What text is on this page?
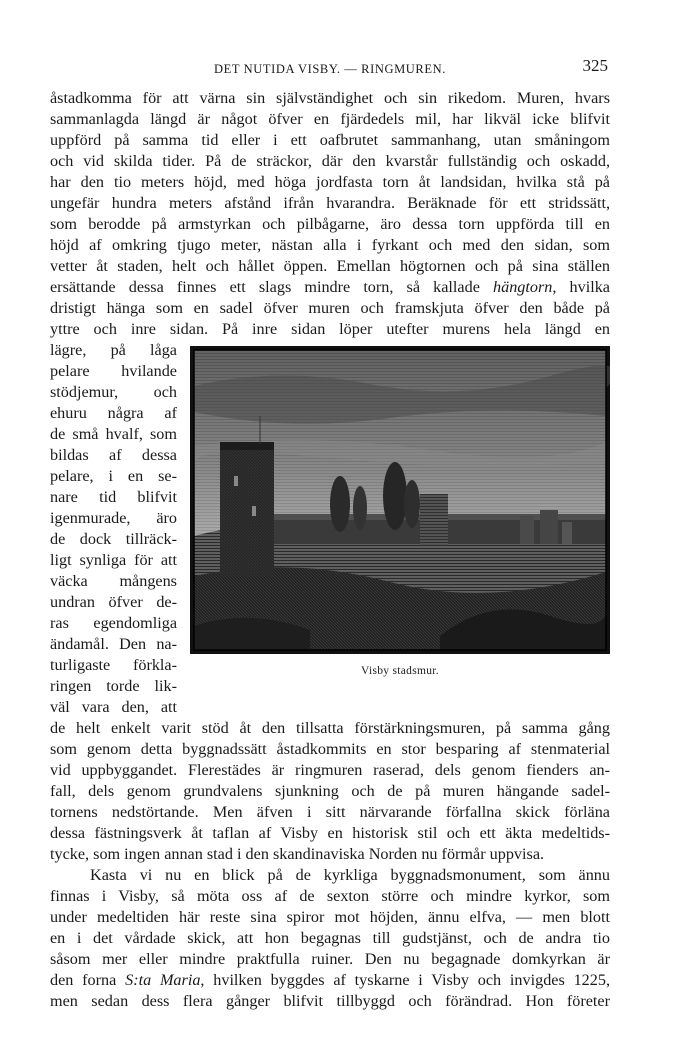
DET NUTIDA VISBY. — RINGMUREN.	325
åstadkomma för att värna sin självständighet och sin rikedom. Muren, hvars
sammanlagda längd är något öfver en fjärdedels mil, har likväl icke blifvit
uppförd på samma tid eller i ett oafbrutet sammanhang, utan småningom
och vid skilda tider. På de sträckor, där den kvarstår fullständig och oskadd,
har den tio meters höjd, med höga jordfasta torn åt landsidan, hvilka stå på
ungefär hundra meters afstånd ifrån hvarandra. Beräknade för ett stridssätt,
som berodde på armstyrkan och pilbågarne, äro dessa torn uppförda till en
höjd af omkring tjugo meter, nästan alla i fyrkant och med den sidan, som
vetter åt staden, helt och hållet öppen. Emellan högtornen och på sina ställen
ersättande dessa finnes ett slags mindre torn, så kallade hängtorn, hvilka
dristigt hänga som en sadel öfver muren och framskjuta öfver den både på
yttre och inre sidan. På inre sidan löper utefter murens hela längd en
lägre, på låga
pelare hvilande
stödjemur, och
ehuru några af
de små hvalf, som
bildas af dessa
pelare, i en se-
nare tid blifvit
igenmurade, äro
de dock tillräck-
ligt synliga för att
väcka mångens
undran öfver de-
ras egendomliga
ändamål. Den na-
turligaste förkla-
ringen torde lik-
väl vara den, att
Visby stadsmur.
de helt enkelt varit stöd åt den tillsatta förstärkningsmuren, på samma gång
som genom detta byggnadssätt åstadkommits en stor besparing af stenmaterial
vid uppbyggandet. Flerestädes är ringmuren raserad, dels genom fienders an-
fall, dels genom grundvalens sjunkning och de på muren hängande sadel-
tornens nedstörtande. Men äfven i sitt närvarande förfallna skick förläna
dessa fästningsverk åt taflan af Visby en historisk stil och ett äkta medeltids-
tycke, som ingen annan stad i den skandinaviska Norden nu förmår uppvisa.
Kasta vi nu en blick på de kyrkliga byggnadsmonument, som ännu
finnas i Visby, så möta oss af de sexton större och mindre kyrkor, som
under medeltiden här reste sina spiror mot höjden, ännu elfva, — men blott
en i det vårdade skick, att hon begagnas till gudstjänst, och de andra tio
såsom mer eller mindre praktfulla ruiner. Den nu begagnade domkyrkan är
den forna S:ta Maria, hvilken byggdes af tyskarne i Visby och invigdes 1225,
men sedan dess flera gånger blifvit tillbyggd och förändrad. Hon företer
